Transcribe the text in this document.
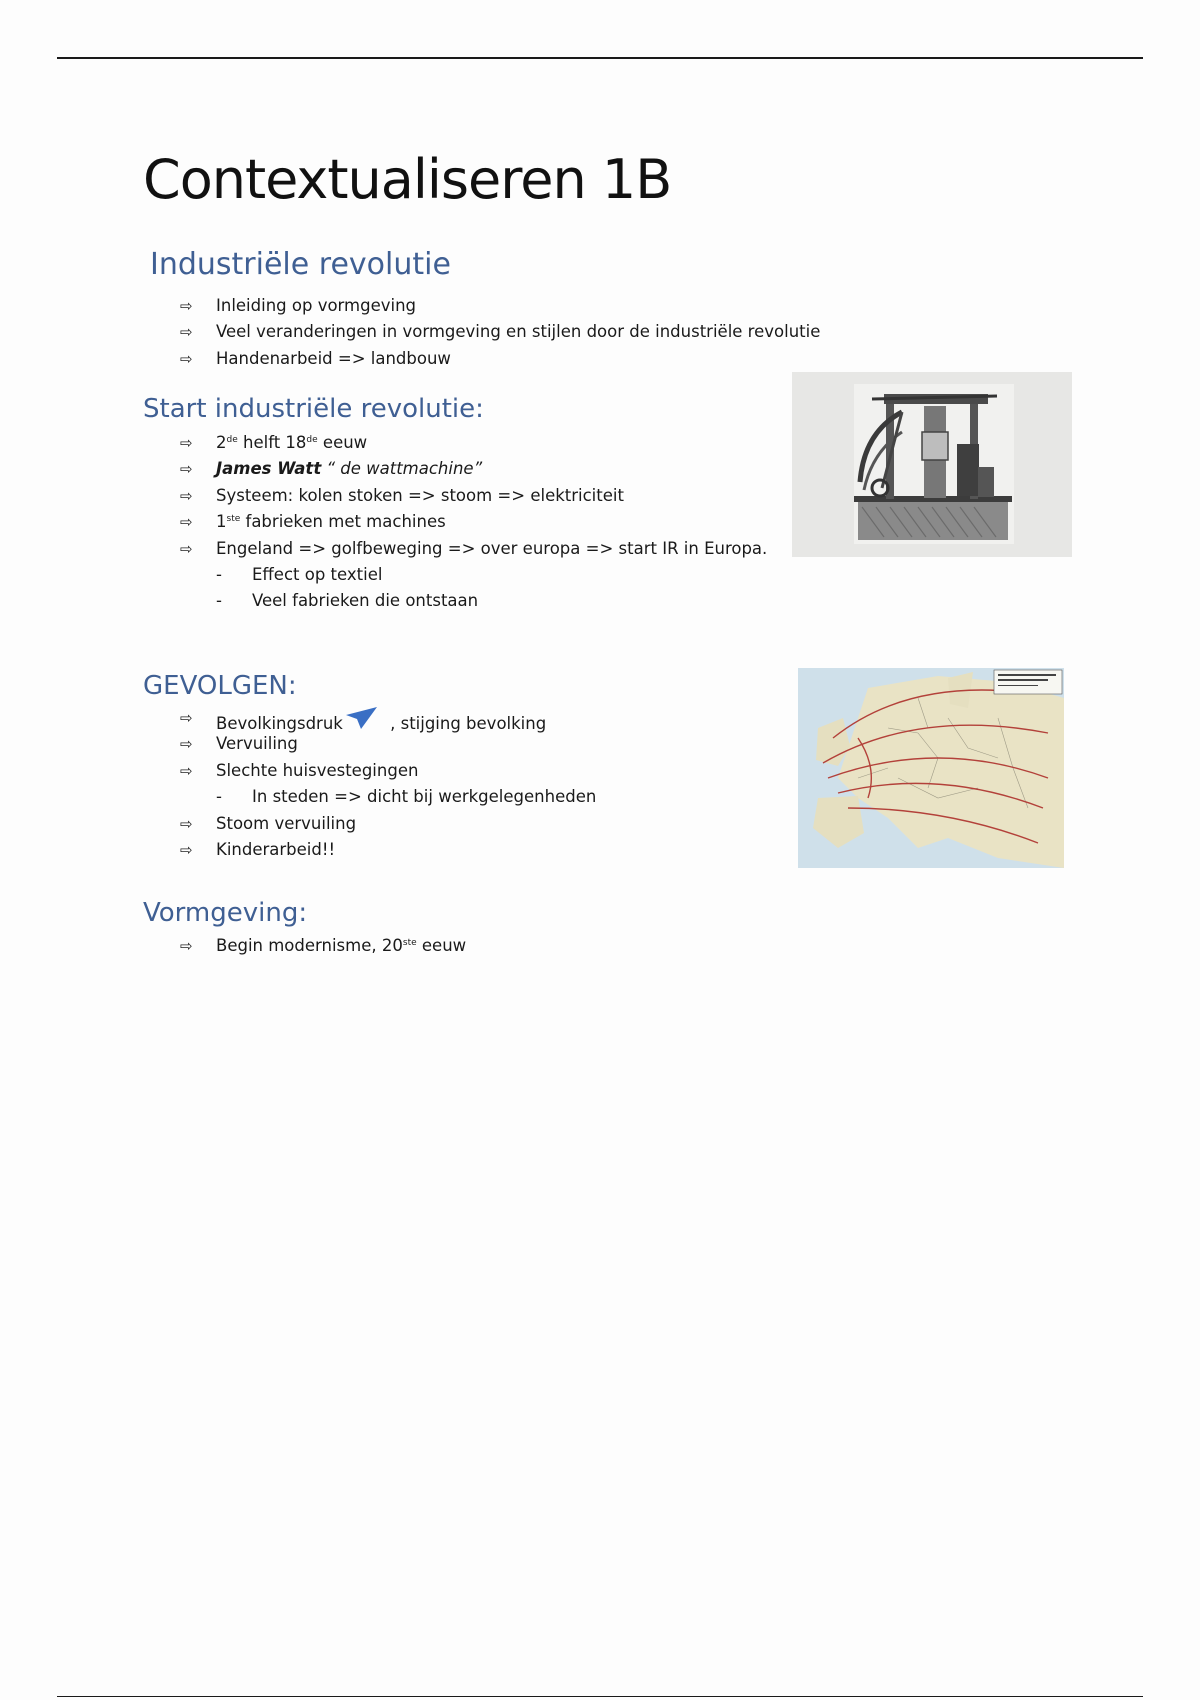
Contextualiseren 1B
Industriële revolutie
⇨ Inleiding op vormgeving
⇨ Veel veranderingen in vormgeving en stijlen door de industriële revolutie
⇨ Handenarbeid => landbouw
Start industriële revolutie:
⇨ 2de helft 18de eeuw
⇨ James Watt “ de wattmachine”
⇨ Systeem: kolen stoken => stoom => elektriciteit
⇨ 1ste fabrieken met machines
⇨ Engeland => golfbeweging => over europa => start IR in Europa.
- Effect op textiel
- Veel fabrieken die ontstaan
GEVOLGEN:
⇨ Bevolkingsdruk	, stijging bevolking
⇨ Vervuiling
⇨ Slechte huisvestegingen
- In steden => dicht bij werkgelegenheden
⇨ Stoom vervuiling
⇨ Kinderarbeid!!
Vormgeving:
⇨ Begin modernisme, 20ste eeuw
